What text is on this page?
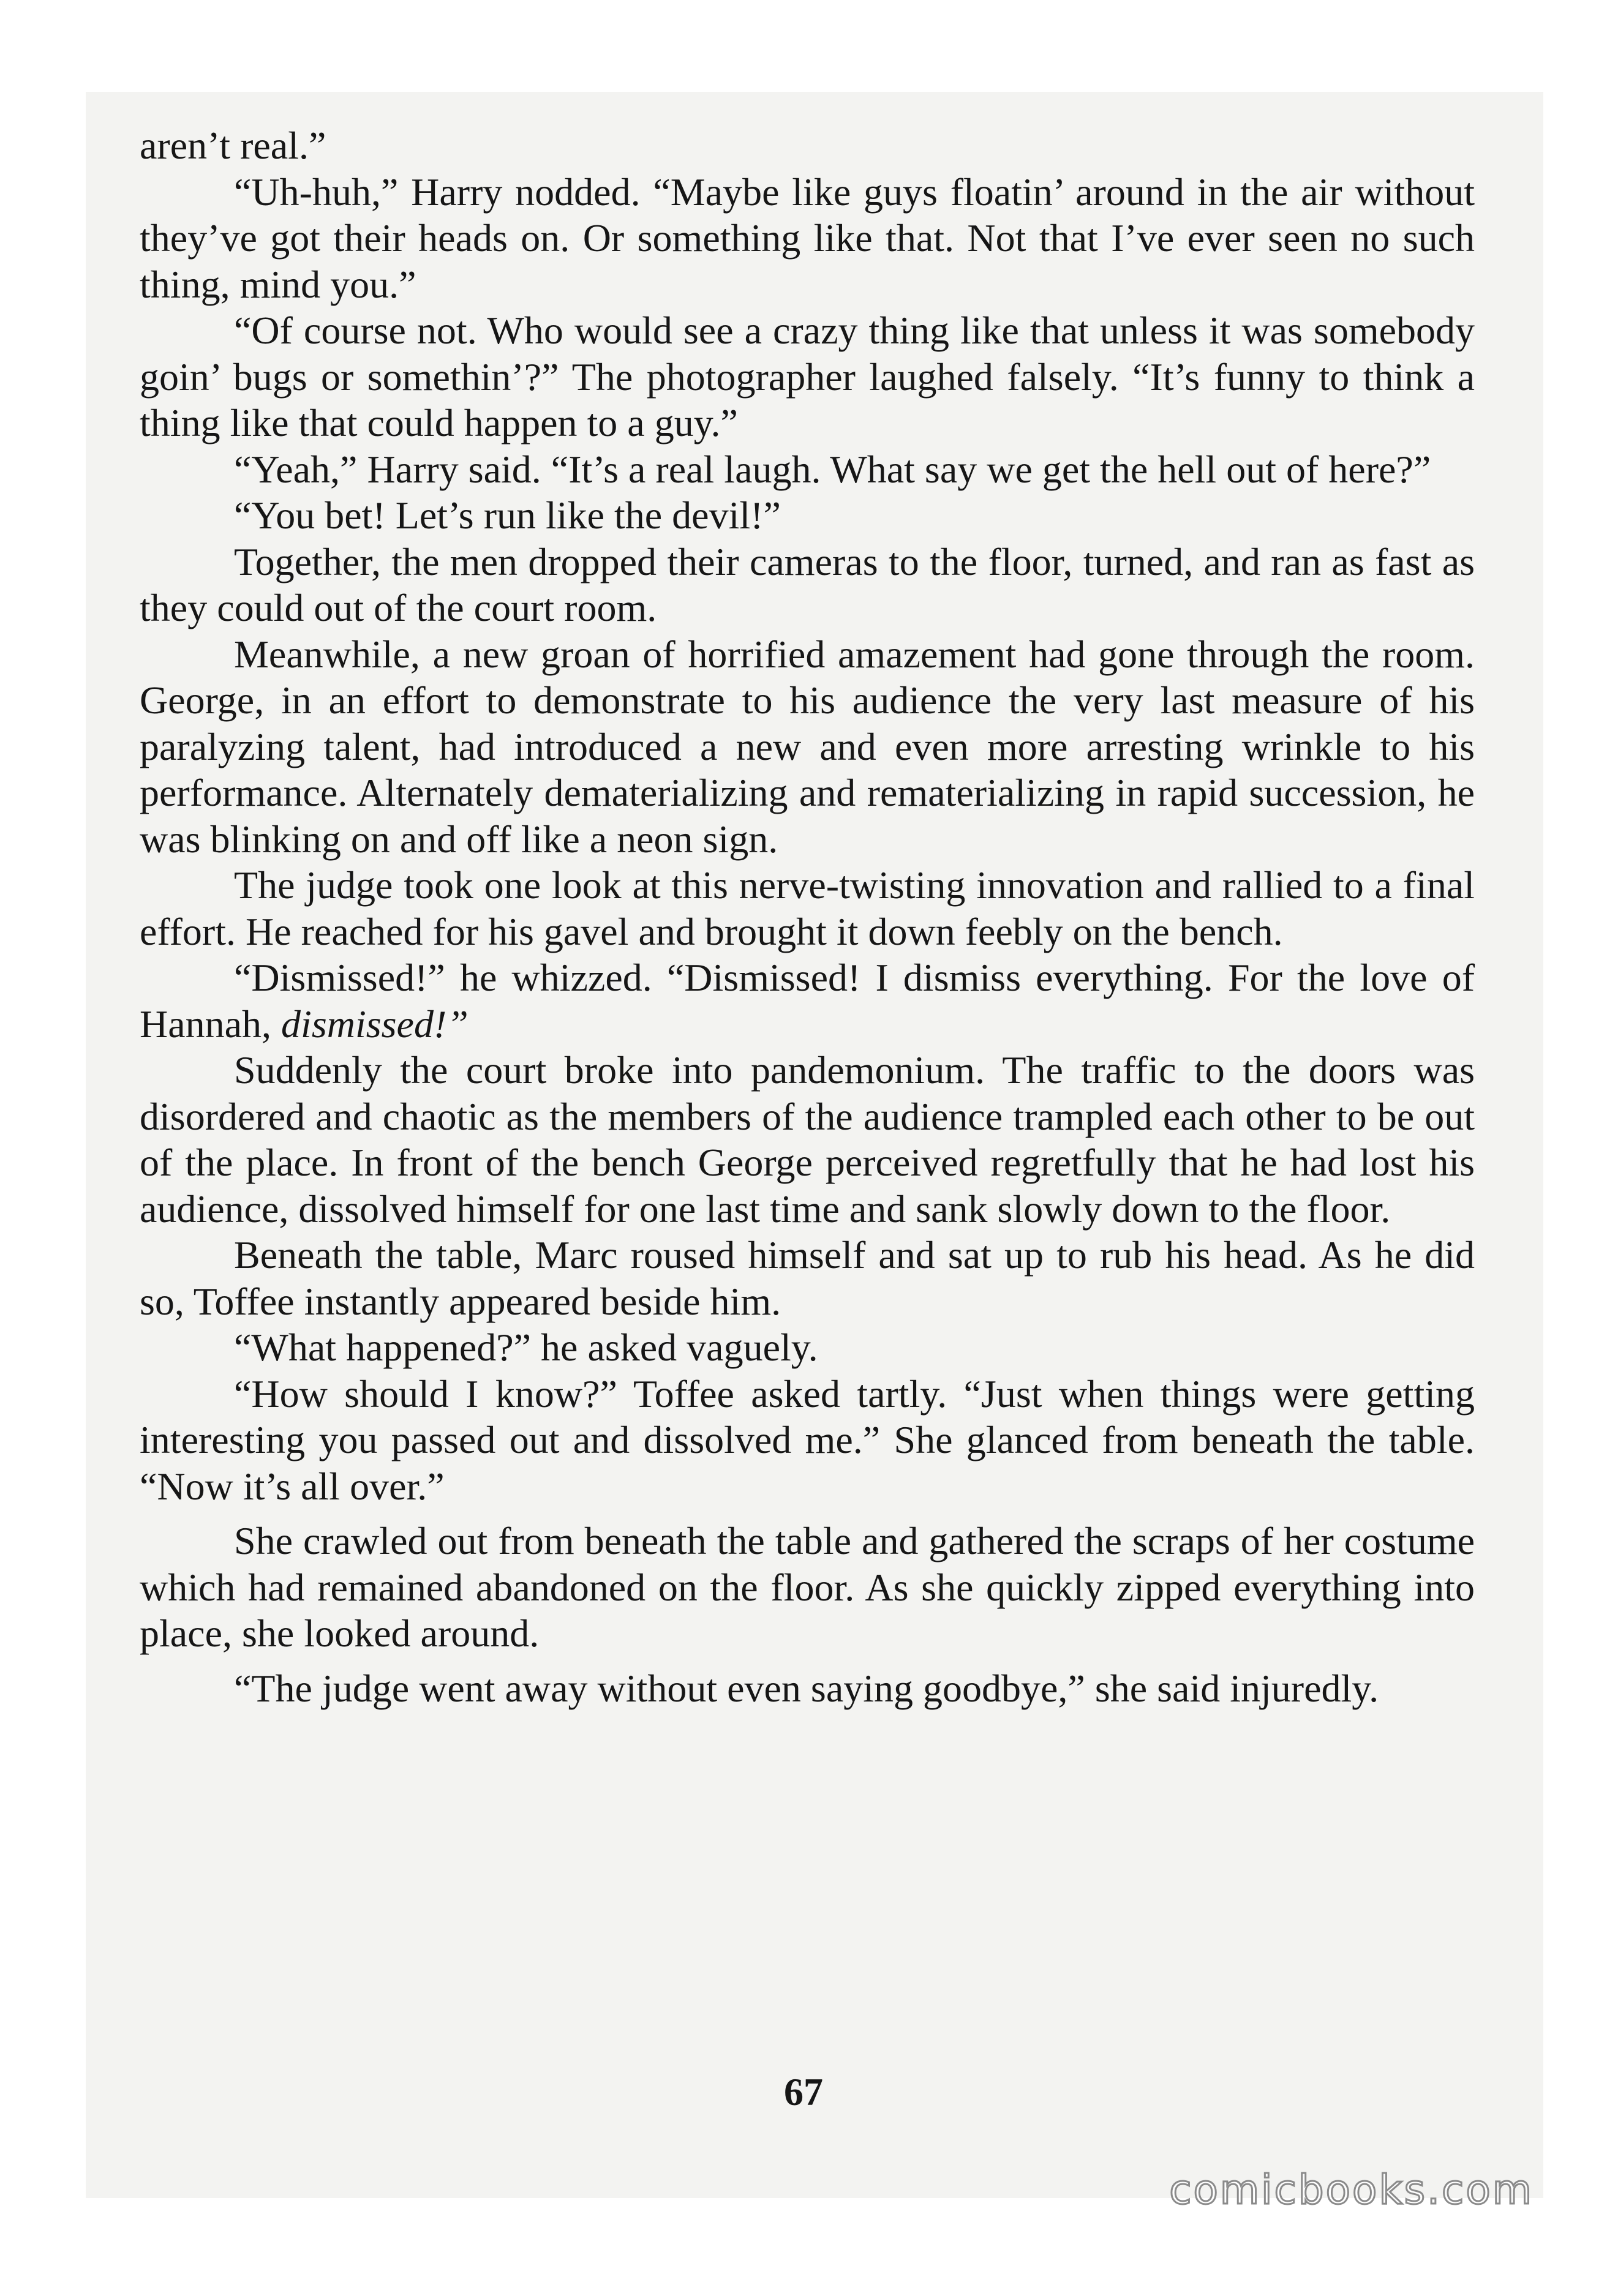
aren’t real.”

“Uh-huh,” Harry nodded. “Maybe like guys floatin’ around in the air without they’ve got their heads on. Or something like that. Not that I’ve ever seen no such thing, mind you.”

“Of course not. Who would see a crazy thing like that unless it was somebody goin’ bugs or somethin’?” The photographer laughed falsely. “It’s funny to think a thing like that could happen to a guy.”

“Yeah,” Harry said. “It’s a real laugh. What say we get the hell out of here?”

“You bet! Let’s run like the devil!”

Together, the men dropped their cameras to the floor, turned, and ran as fast as they could out of the court room.

Meanwhile, a new groan of horrified amazement had gone through the room. George, in an effort to demonstrate to his audience the very last measure of his paralyzing talent, had introduced a new and even more arresting wrinkle to his performance. Alternately dematerializing and rematerializing in rapid succession, he was blinking on and off like a neon sign.

The judge took one look at this nerve-twisting innovation and rallied to a final effort. He reached for his gavel and brought it down feebly on the bench.

“Dismissed!” he whizzed. “Dismissed! I dismiss everything. For the love of Hannah, dismissed!”

Suddenly the court broke into pandemonium. The traffic to the doors was disordered and chaotic as the members of the audience trampled each other to be out of the place. In front of the bench George perceived regretfully that he had lost his audience, dissolved himself for one last time and sank slowly down to the floor.

Beneath the table, Marc roused himself and sat up to rub his head. As he did so, Toffee instantly appeared beside him.

“What happened?” he asked vaguely.

“How should I know?” Toffee asked tartly. “Just when things were getting interesting you passed out and dissolved me.” She glanced from beneath the table. “Now it’s all over.”

She crawled out from beneath the table and gathered the scraps of her costume which had remained abandoned on the floor. As she quickly zipped everything into place, she looked around.

“The judge went away without even saying goodbye,” she said injuredly.

67
comicbooks.com
